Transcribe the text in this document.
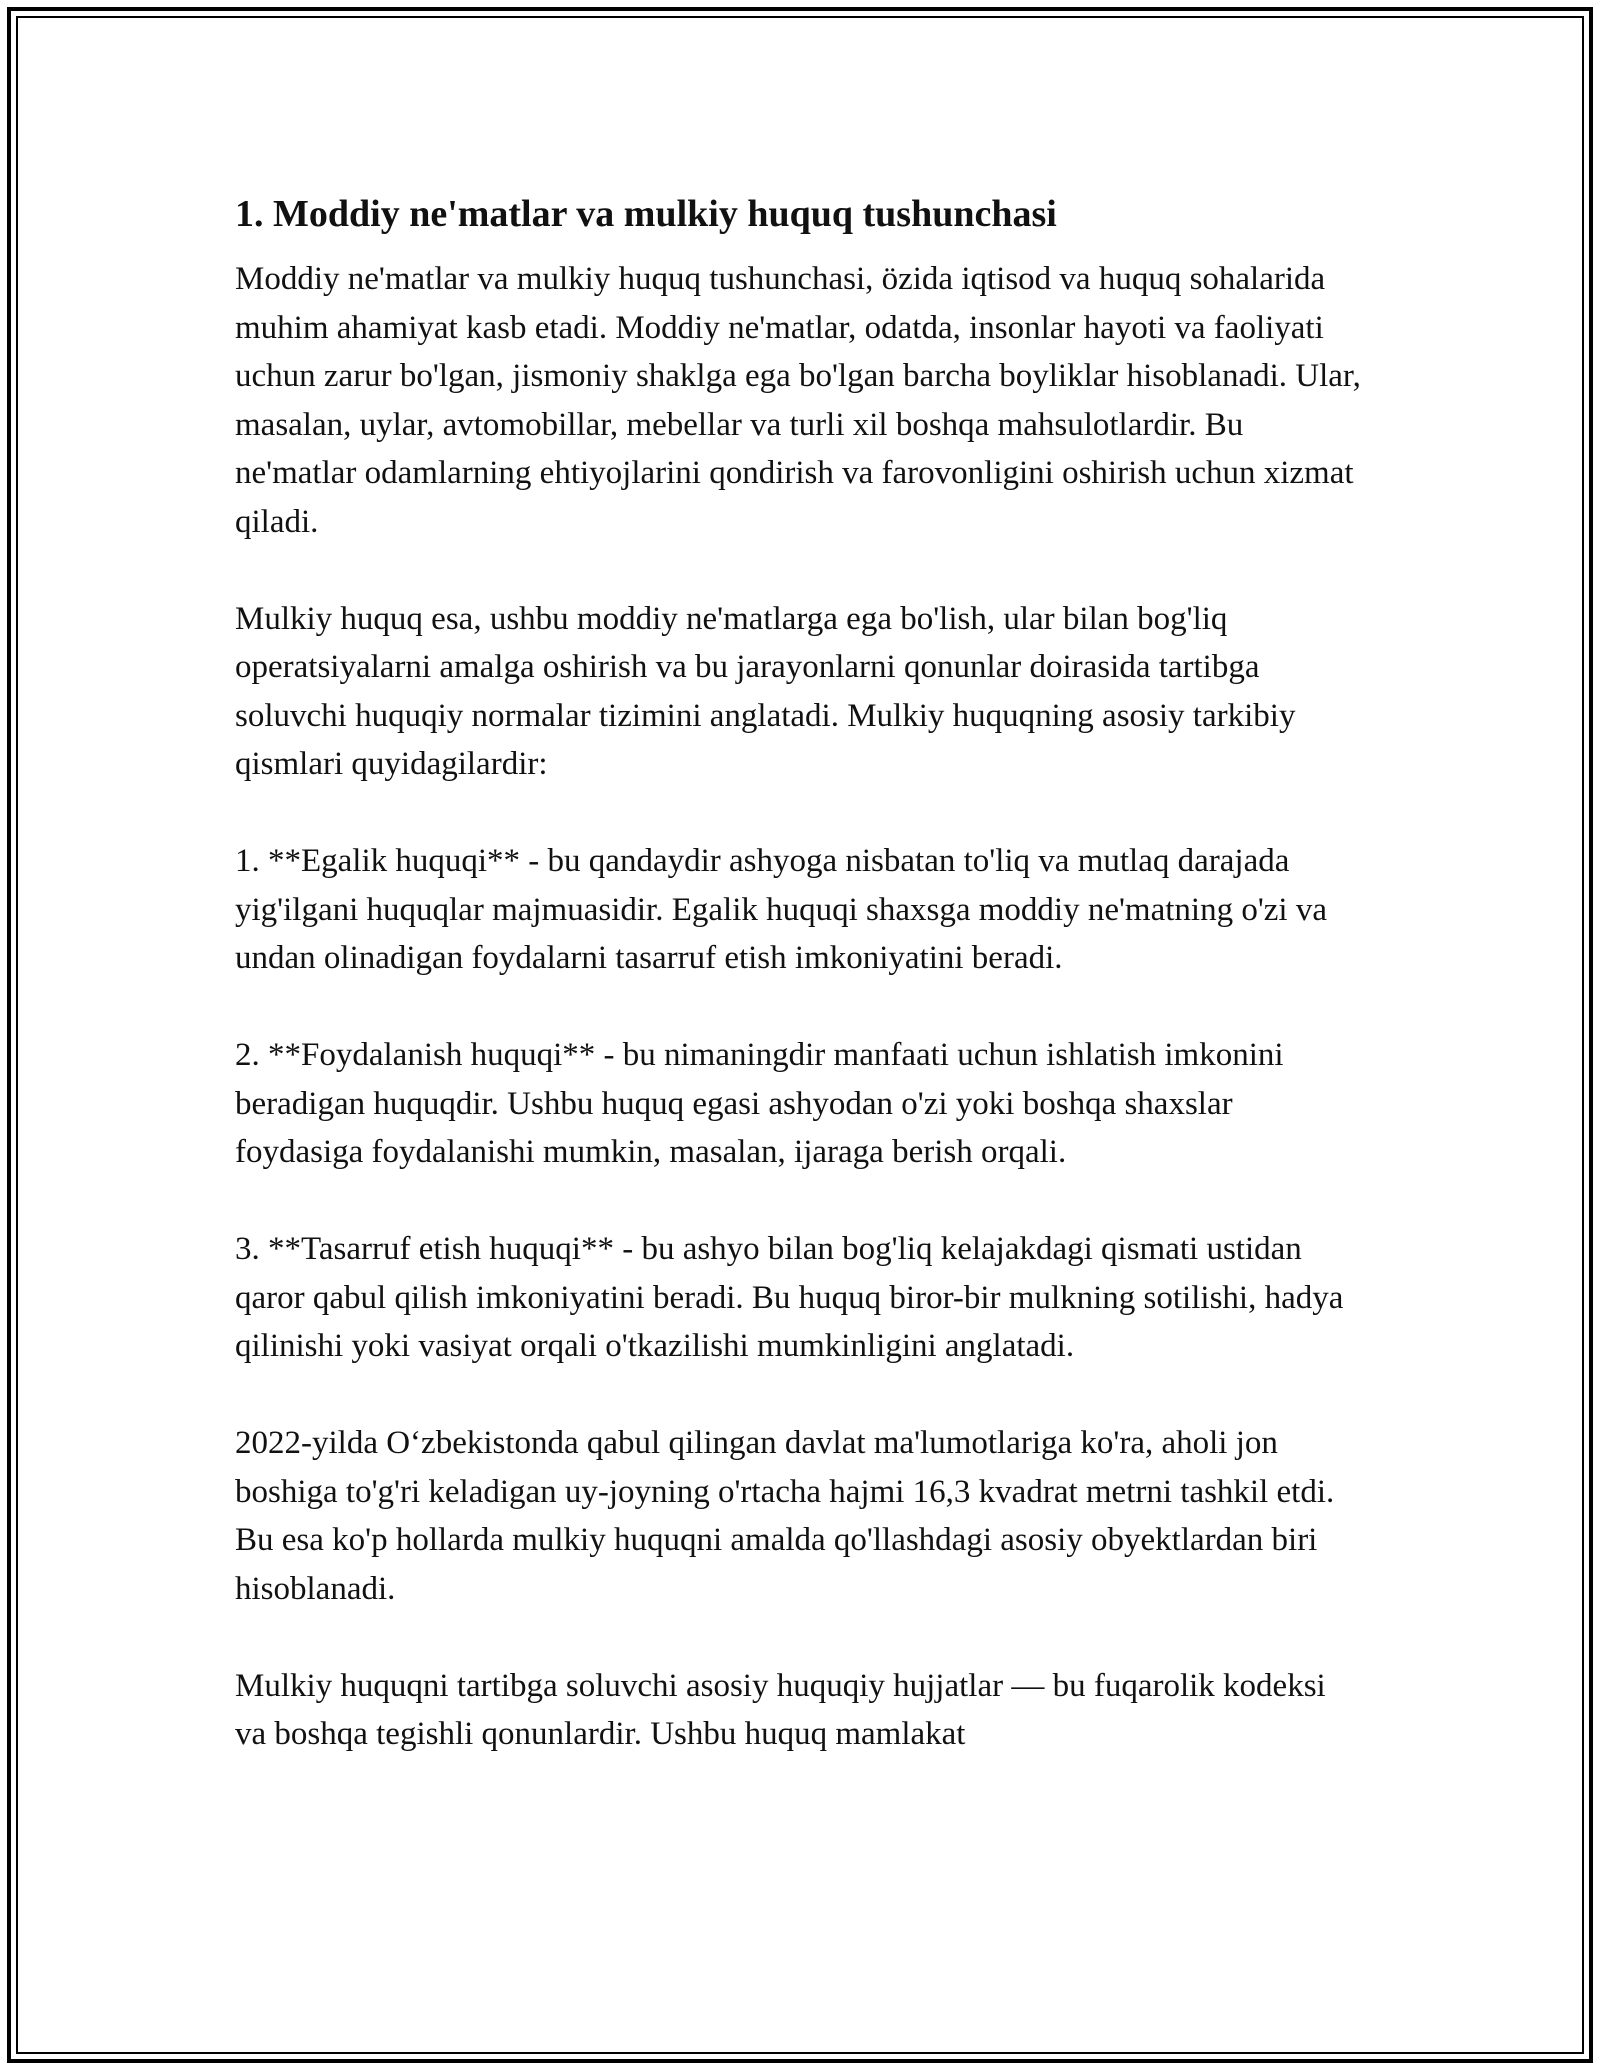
1. Moddiy ne'matlar va mulkiy huquq tushunchasi

Moddiy ne'matlar va mulkiy huquq tushunchasi, özida iqtisod va huquq sohalarida muhim ahamiyat kasb etadi. Moddiy ne'matlar, odatda, insonlar hayoti va faoliyati uchun zarur bo'lgan, jismoniy shaklga ega bo'lgan barcha boyliklar hisoblanadi. Ular, masalan, uylar, avtomobillar, mebellar va turli xil boshqa mahsulotlardir. Bu ne'matlar odamlarning ehtiyojlarini qondirish va farovonligini oshirish uchun xizmat qiladi.

Mulkiy huquq esa, ushbu moddiy ne'matlarga ega bo'lish, ular bilan bog'liq operatsiyalarni amalga oshirish va bu jarayonlarni qonunlar doirasida tartibga soluvchi huquqiy normalar tizimini anglatadi. Mulkiy huquqning asosiy tarkibiy qismlari quyidagilardir:

1. **Egalik huquqi** - bu qandaydir ashyoga nisbatan to'liq va mutlaq darajada yig'ilgani huquqlar majmuasidir. Egalik huquqi shaxsga moddiy ne'matning o'zi va undan olinadigan foydalarni tasarruf etish imkoniyatini beradi.

2. **Foydalanish huquqi** - bu nimaningdir manfaati uchun ishlatish imkonini beradigan huquqdir. Ushbu huquq egasi ashyodan o'zi yoki boshqa shaxslar foydasiga foydalanishi mumkin, masalan, ijaraga berish orqali.

3. **Tasarruf etish huquqi** - bu ashyo bilan bog'liq kelajakdagi qismati ustidan qaror qabul qilish imkoniyatini beradi. Bu huquq biror-bir mulkning sotilishi, hadya qilinishi yoki vasiyat orqali o'tkazilishi mumkinligini anglatadi.

2022-yilda O‘zbekistonda qabul qilingan davlat ma'lumotlariga ko'ra, aholi jon boshiga to'g'ri keladigan uy-joyning o'rtacha hajmi 16,3 kvadrat metrni tashkil etdi. Bu esa ko'p hollarda mulkiy huquqni amalda qo'llashdagi asosiy obyektlardan biri hisoblanadi.

Mulkiy huquqni tartibga soluvchi asosiy huquqiy hujjatlar — bu fuqarolik kodeksi va boshqa tegishli qonunlardir. Ushbu huquq mamlakat
